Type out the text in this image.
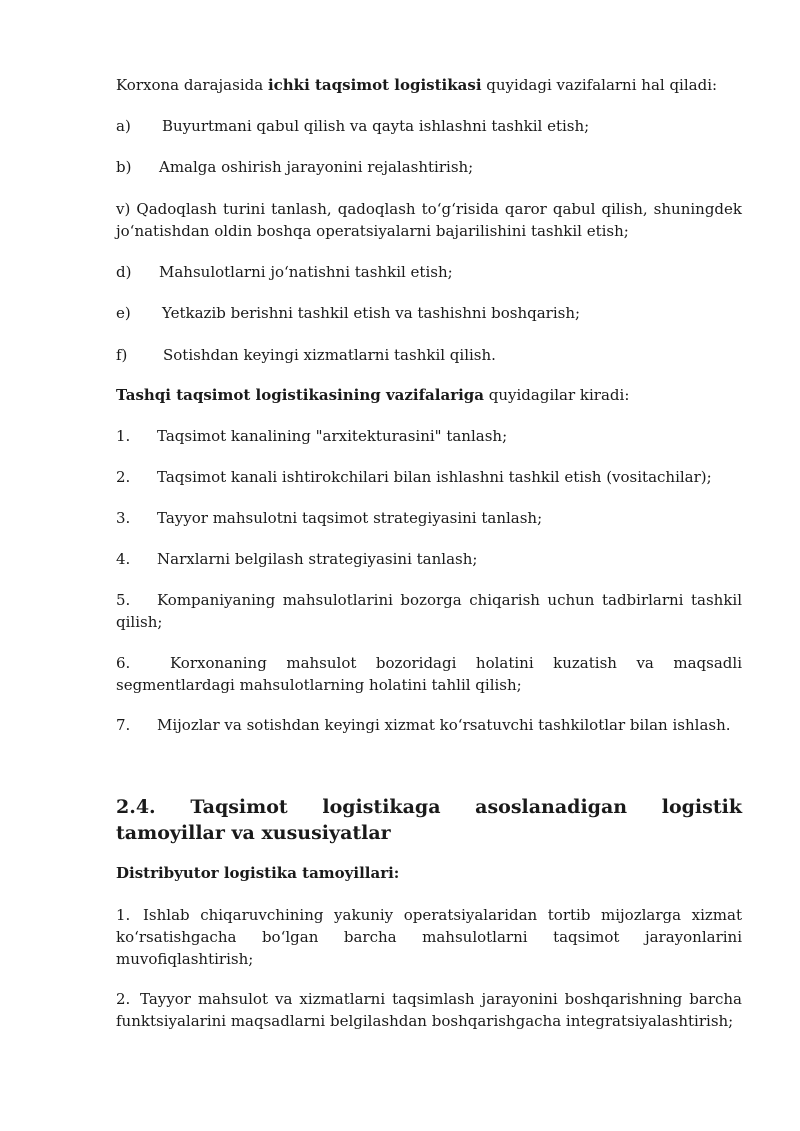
Korxona darajasida ichki taqsimot logistikasi quyidagi vazifalarni hal qiladi:

a) Buyurtmani qabul qilish va qayta ishlashni tashkil etish;

b) Amalga oshirish jarayonini rejalashtirish;

v) Qadoqlash turini tanlash, qadoqlash to‘g‘risida qaror qabul qilish, shuningdek jo‘natishdan oldin boshqa operatsiyalarni bajarilishini tashkil etish;

d) Mahsulotlarni jo‘natishni tashkil etish;

e) Yetkazib berishni tashkil etish va tashishni boshqarish;

f) Sotishdan keyingi xizmatlarni tashkil qilish.

Tashqi taqsimot logistikasining vazifalariga quyidagilar kiradi:

1. Taqsimot kanalining "arxitekturasini" tanlash;

2. Taqsimot kanali ishtirokchilari bilan ishlashni tashkil etish (vositachilar);

3. Tayyor mahsulotni taqsimot strategiyasini tanlash;

4. Narxlarni belgilash strategiyasini tanlash;

5. Kompaniyaning mahsulotlarini bozorga chiqarish uchun tadbirlarni tashkil qilish;

6.	Korxonaning mahsulot bozoridagi holatini kuzatish va maqsadli segmentlardagi mahsulotlarning holatini tahlil qilish;

7. Mijozlar va sotishdan keyingi xizmat ko‘rsatuvchi tashkilotlar bilan ishlash.

2.4. Taqsimot logistikaga asoslanadigan logistik tamoyillar va xususiyatlar

Distribyutor logistika tamoyillari:

1. Ishlab chiqaruvchining yakuniy operatsiyalaridan tortib mijozlarga xizmat ko‘rsatishgacha bo‘lgan barcha mahsulotlarni taqsimot jarayonlarini muvofiqlashtirish;

2. Tayyor mahsulot va xizmatlarni taqsimlash jarayonini boshqarishning barcha funktsiyalarini maqsadlarni belgilashdan boshqarishgacha integratsiyalashtirish;
